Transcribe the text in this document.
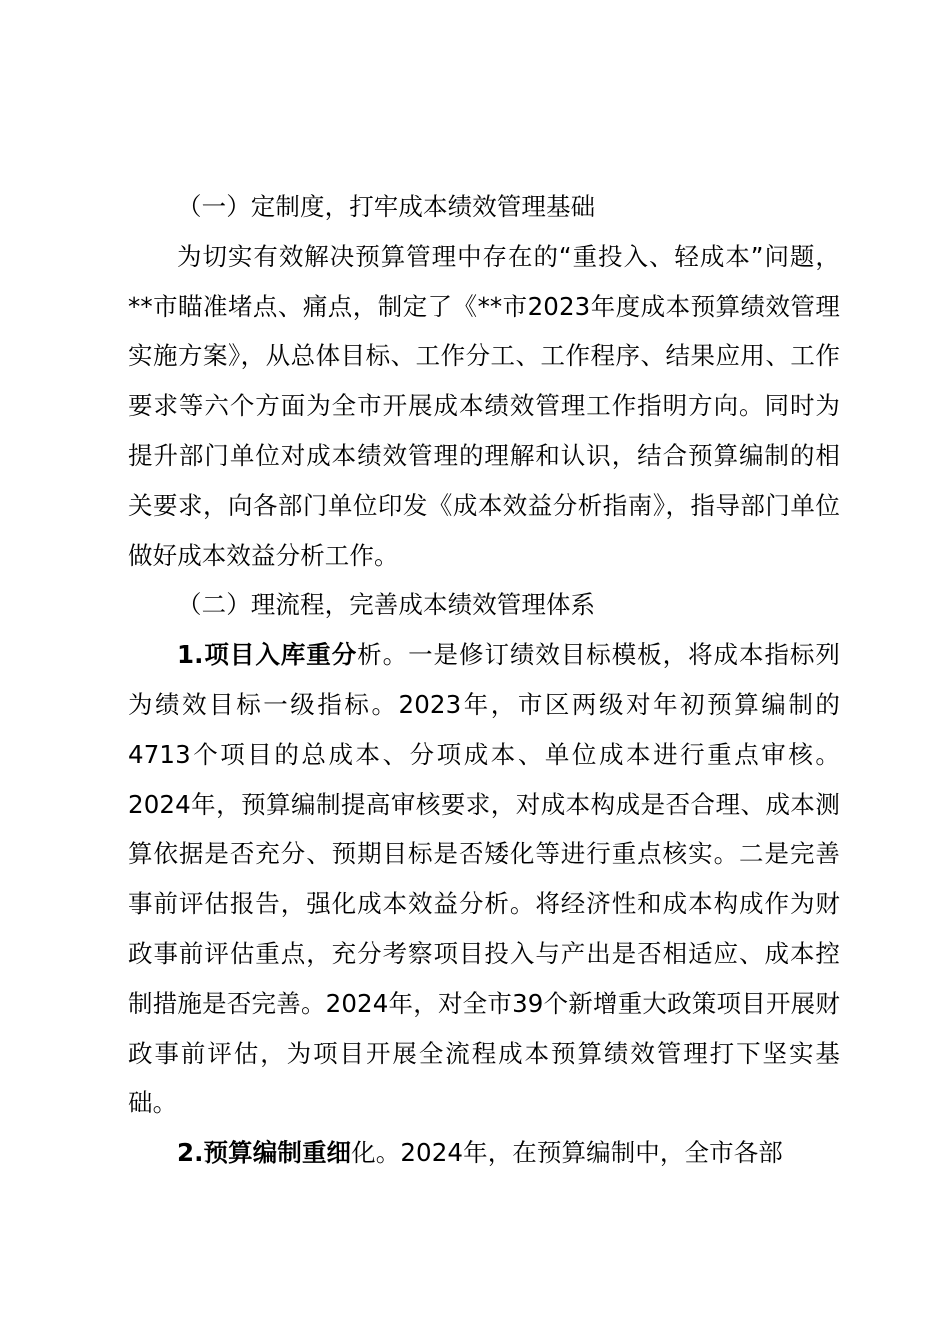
（一）定制度，打牢成本绩效管理基础

为切实有效解决预算管理中存在的“重投入、轻成本”问题，**市瞄准堵点、痛点，制定了《**市2023年度成本预算绩效管理实施方案》，从总体目标、工作分工、工作程序、结果应用、工作要求等六个方面为全市开展成本绩效管理工作指明方向。同时为提升部门单位对成本绩效管理的理解和认识，结合预算编制的相关要求，向各部门单位印发《成本效益分析指南》，指导部门单位做好成本效益分析工作。

（二）理流程，完善成本绩效管理体系

1.项目入库重分析。一是修订绩效目标模板，将成本指标列为绩效目标一级指标。2023年，市区两级对年初预算编制的4713个项目的总成本、分项成本、单位成本进行重点审核。2024年，预算编制提高审核要求，对成本构成是否合理、成本测算依据是否充分、预期目标是否矮化等进行重点核实。二是完善事前评估报告，强化成本效益分析。将经济性和成本构成作为财政事前评估重点，充分考察项目投入与产出是否相适应、成本控制措施是否完善。2024年，对全市39个新增重大政策项目开展财政事前评估，为项目开展全流程成本预算绩效管理打下坚实基础。

2.预算编制重细化。2024年，在预算编制中，全市各部
